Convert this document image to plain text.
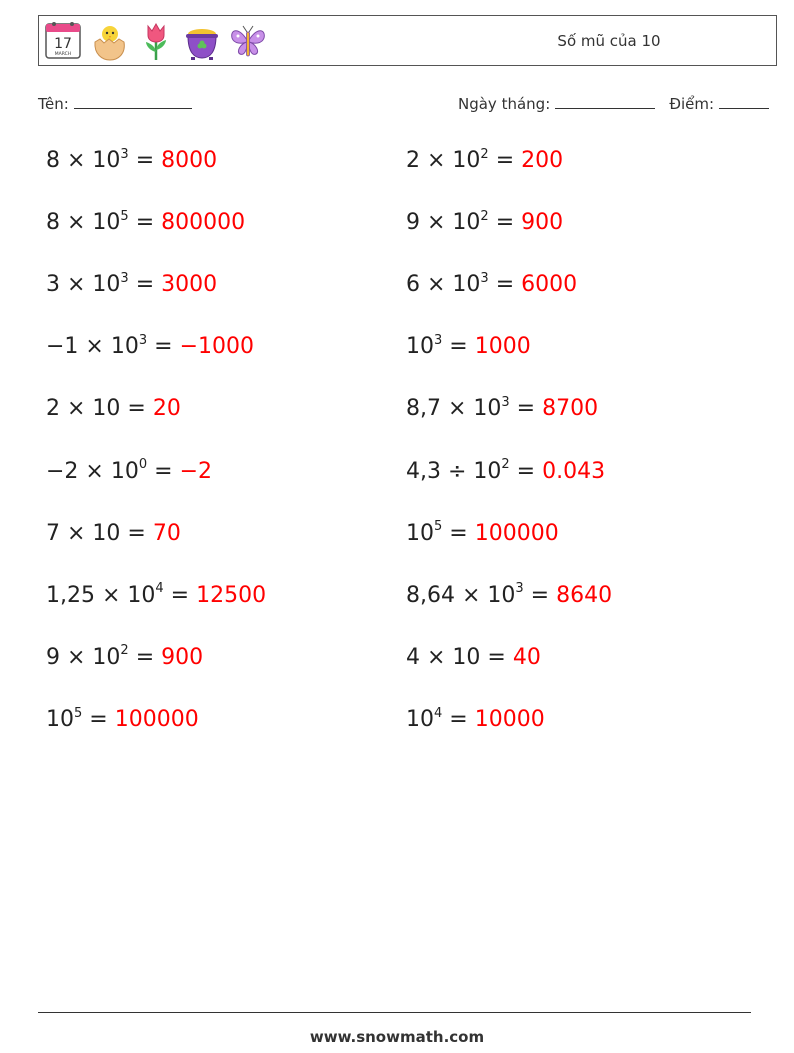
17
MARCH
Số mũ của 10
Tên:	Ngày tháng:	Điểm:
$8 \times 10^3 = 8000$	$2 \times 10^2 = 200$
$8 \times 10^5 = 800000$	$9 \times 10^2 = 900$
$3 \times 10^3 = 3000$	$6 \times 10^3 = 6000$
$-1 \times 10^3 = -1000$	$10^3 = 1000$
2 × 10 = 20	$8,7 \times 10^3 = 8700$
$-2 \times 10^0 = -2$	$4,3 \div 10^2 = 0.043$
7 × 10 = 70	$10^5 = 100000$
$1,25 \times 10^4 = 12500$	$8,64 \times 10^3 = 8640$
$9 \times 10^2 = 900$	4 × 10 = 40
$10^5 = 100000$	$10^4 = 10000$
www.snowmath.com
